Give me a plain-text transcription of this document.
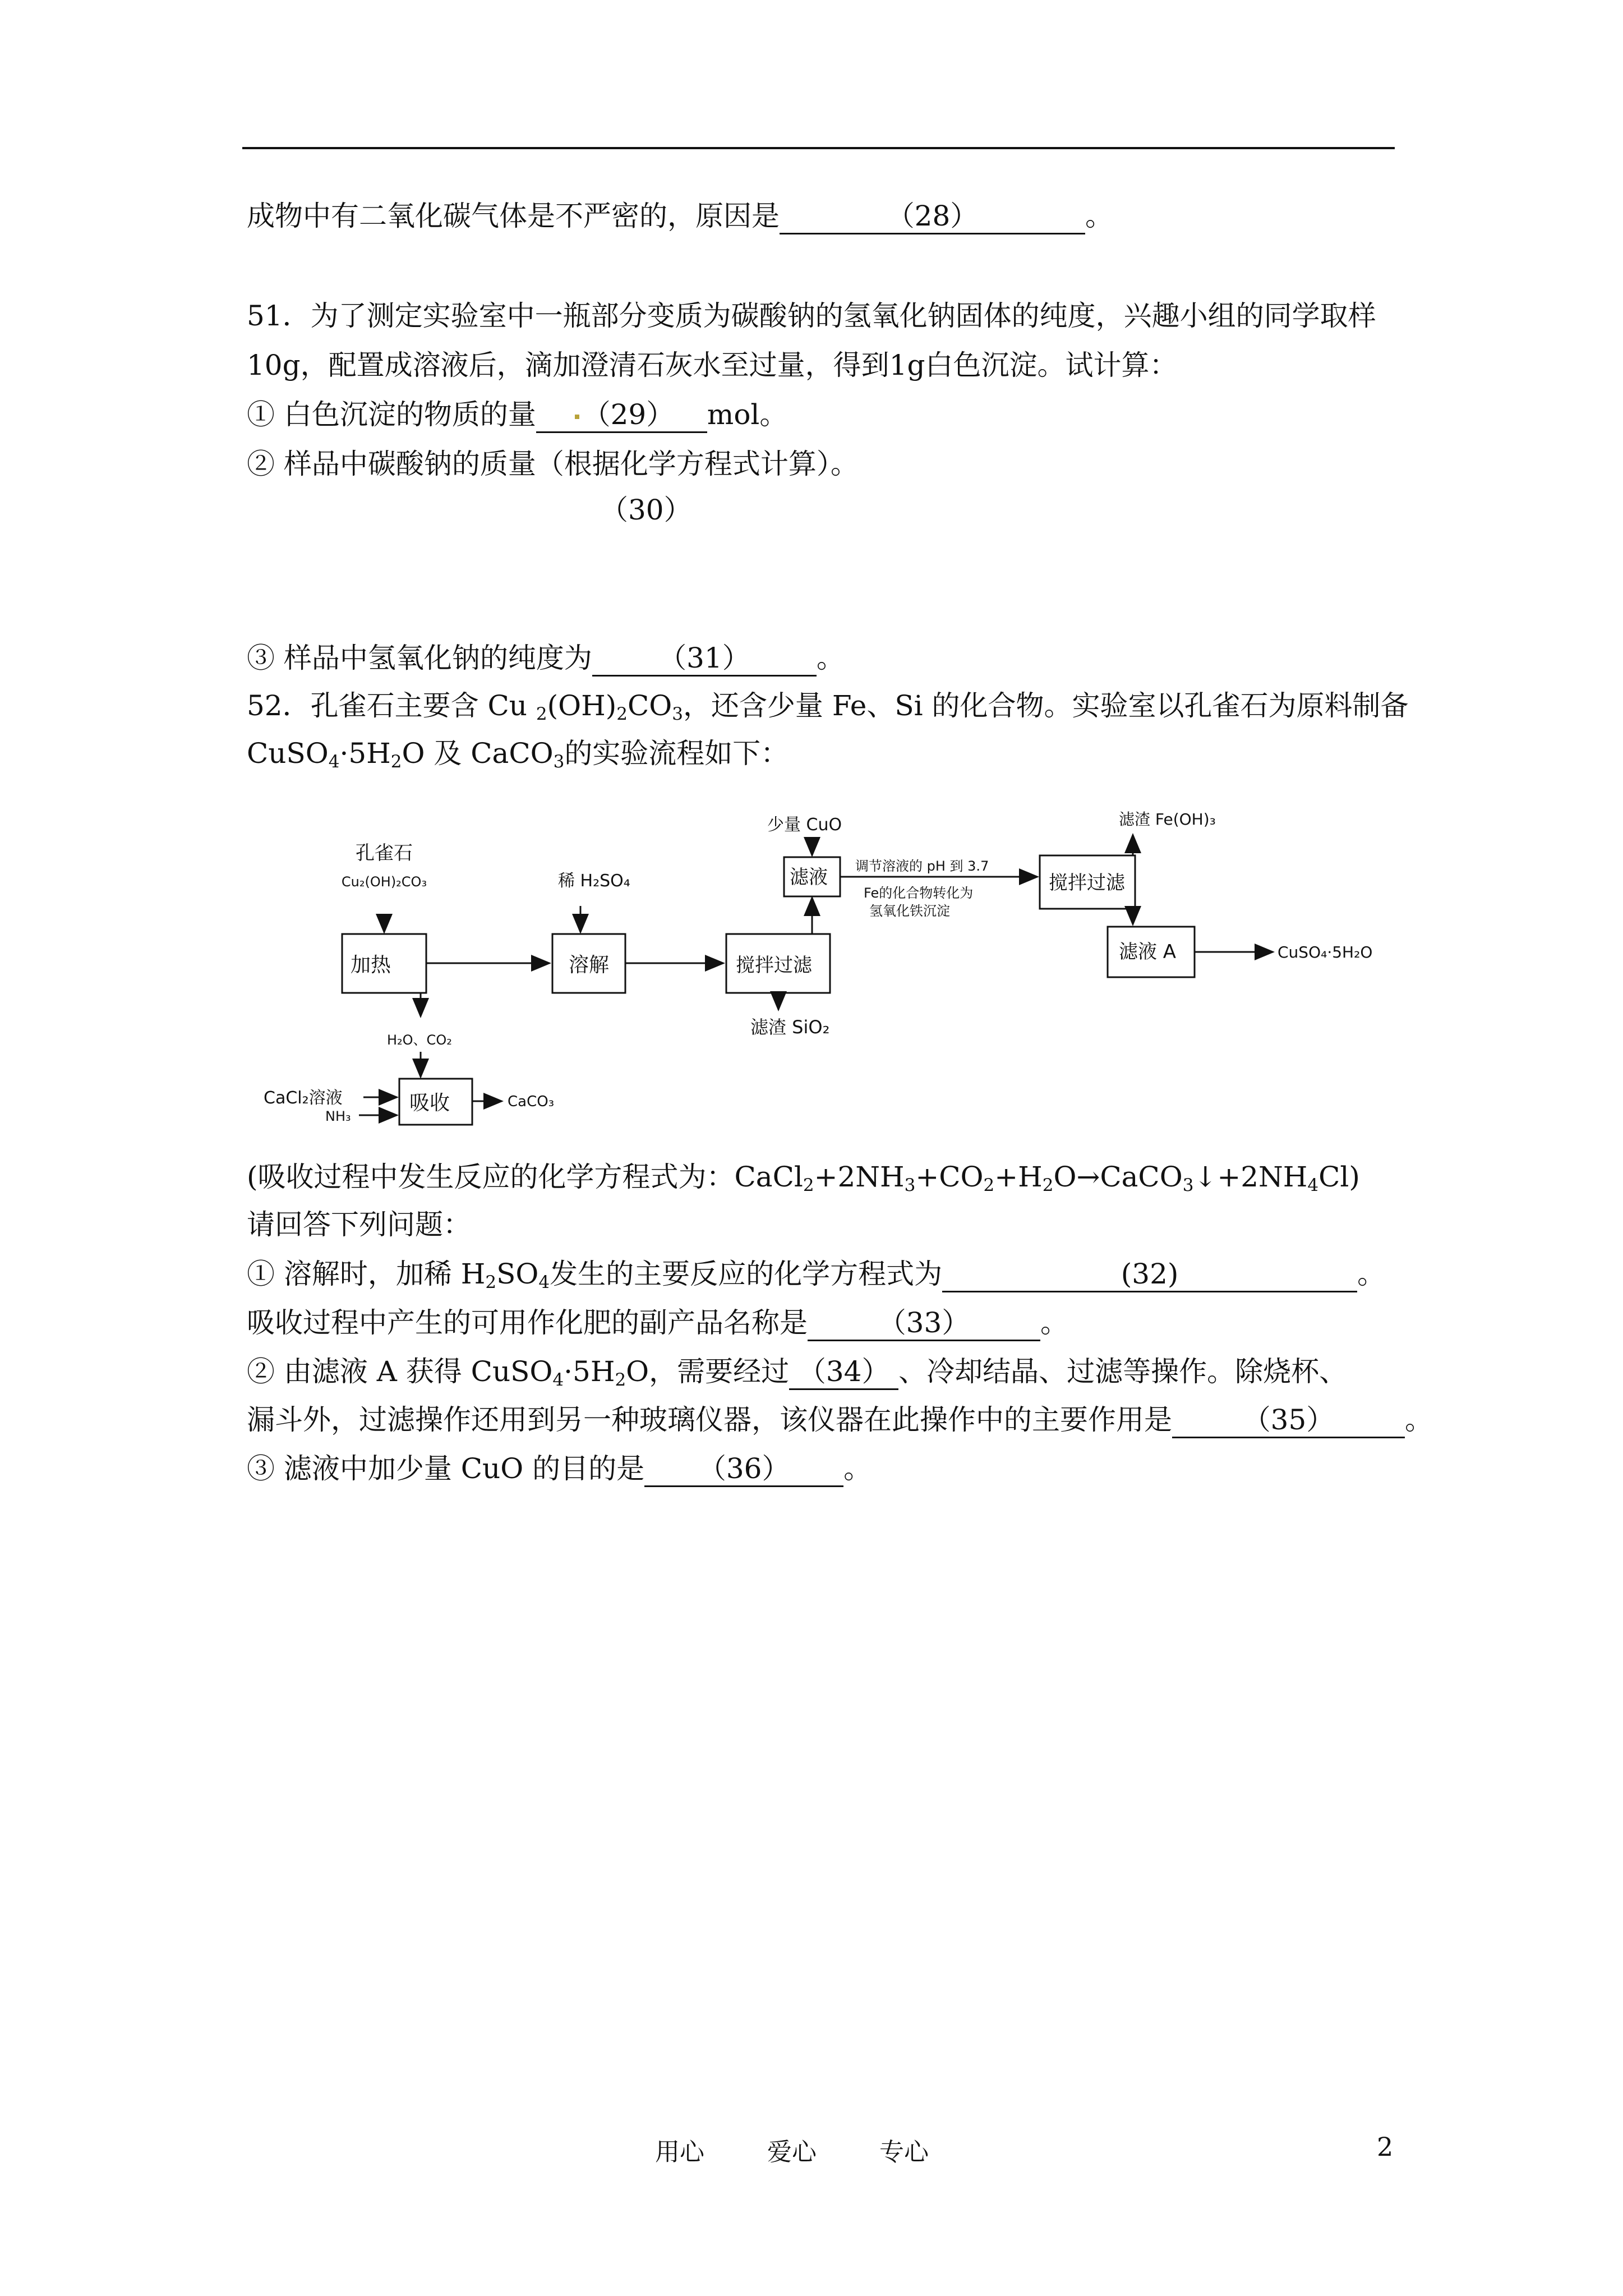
成物中有二氧化碳气体是不严密的，原因是	（28）	。
51．为了测定实验室中一瓶部分变质为碳酸钠的氢氧化钠固体的纯度，兴趣小组的同学取样
10g，配置成溶液后，滴加澄清石灰水至过量，得到1g白色沉淀。试计算：
① 白色沉淀的物质的量 （29） mol。
② 样品中碳酸钠的质量（根据化学方程式计算）。
（30）
③ 样品中氢氧化钠的纯度为 （31） 。
52．孔雀石主要含 Cu $_2(OH)_2CO_3$，还含少量 Fe、Si 的化合物。实验室以孔雀石为原料制备
$CuSO_4\cdot 5H_2O$ 及 CaCO$_3$的实验流程如下：
孔雀石
Cu₂(OH)₂CO₃
加热
稀 H₂SO₄
溶解	搅拌过滤
滤渣 SiO₂
少量 CuO
滤液 调节溶液的 pH 到 3.7
Fe的化合物转化为
氢氧化铁沉淀
搅拌过滤
滤渣 Fe(OH)₃
滤液 A	CuSO₄·5H₂O
H₂O、CO₂
吸收
CaCl₂溶液
NH₃
CaCO₃
(吸收过程中发生反应的化学方程式为：$CaCl_2+2NH_3+CO_2+H_2O\to CaCO_3↓+2NH_4Cl$)
请回答下列问题：
① 溶解时，加稀 $H_2SO_4$发生的主要反应的化学方程式为	(32)	。
吸收过程中产生的可用作化肥的副产品名称是	（33）	。
② 由滤液 A 获得 $CuSO_4\cdot 5H_2O$，需要经过 （34） 、冷却结晶、过滤等操作。除烧杯、
漏斗外，过滤操作还用到另一种玻璃仪器，该仪器在此操作中的主要作用是	（35）	。
③ 滤液中加少量 CuO 的目的是 （36） 。
用心	爱心	专心	2
